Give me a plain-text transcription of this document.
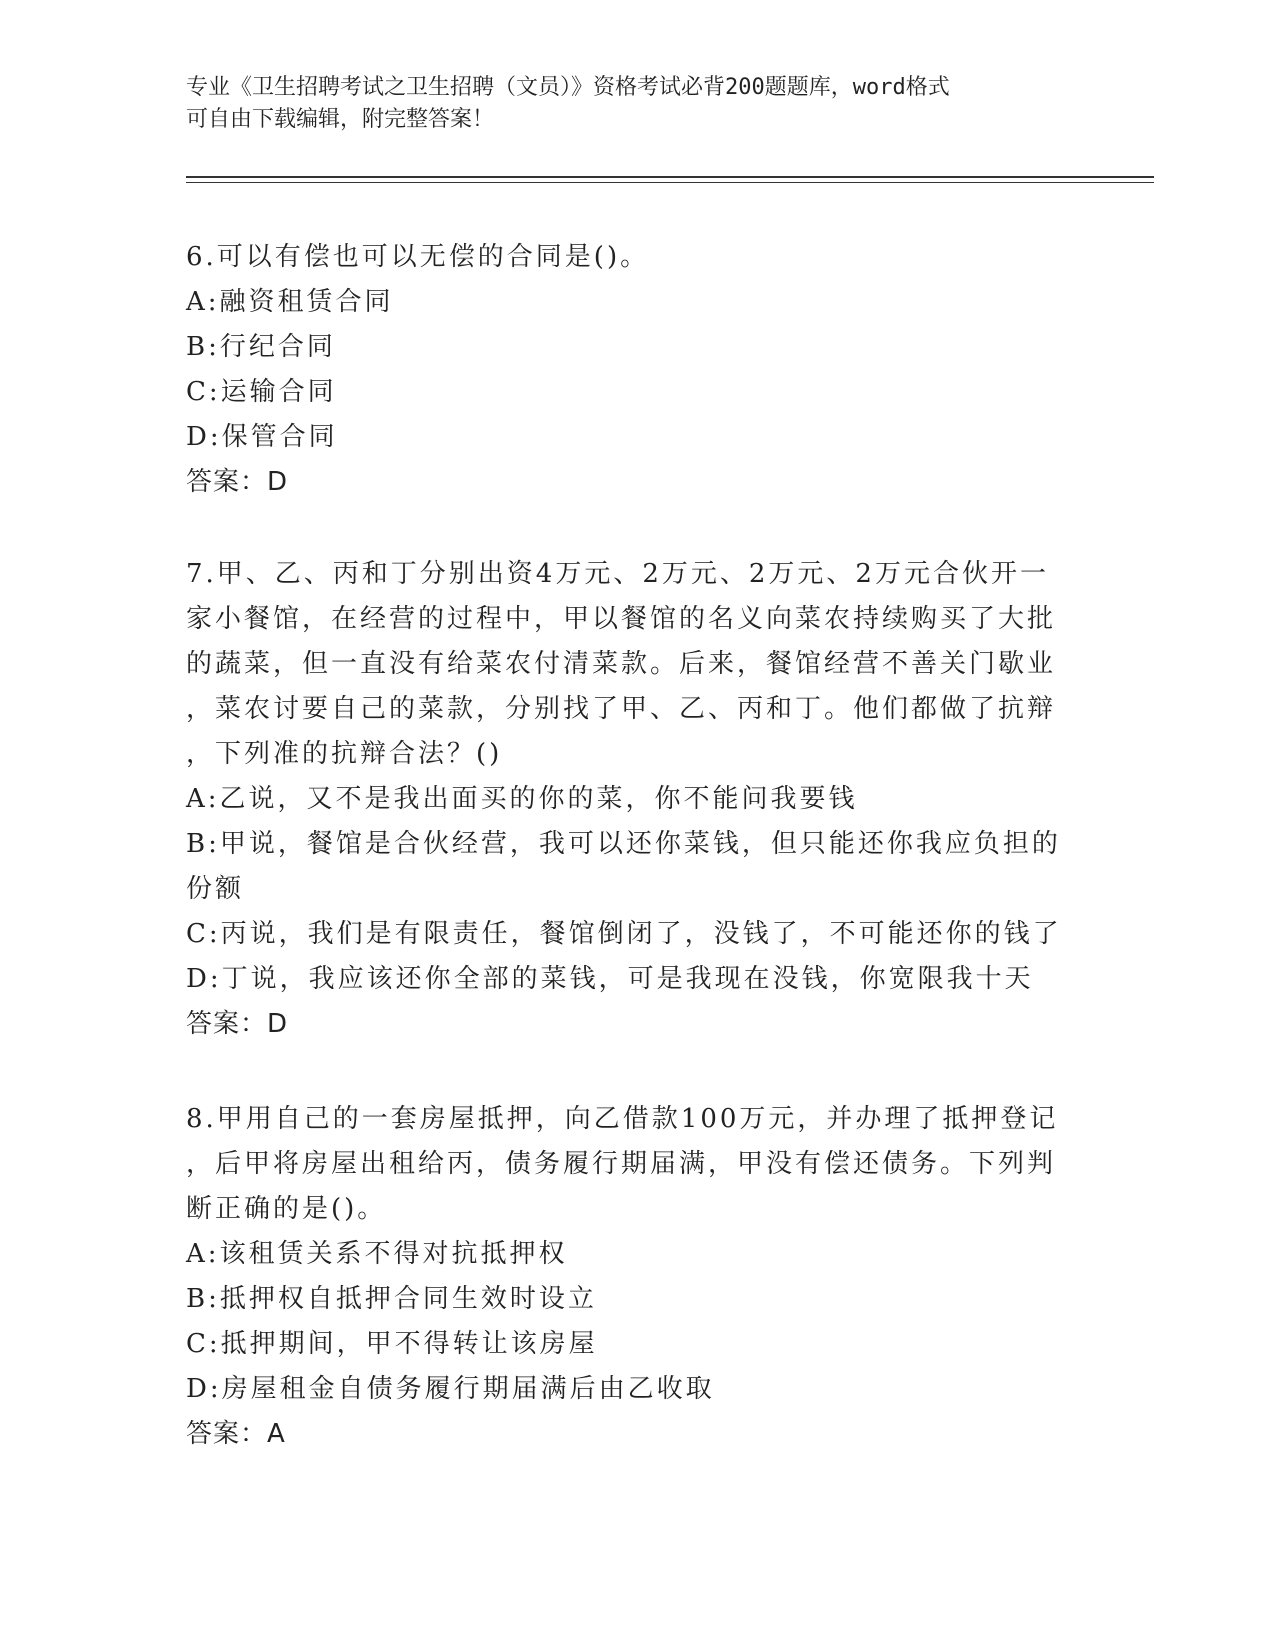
专业《卫生招聘考试之卫生招聘（文员）》资格考试必背200题题库，word格式
可自由下载编辑，附完整答案！

6.可以有偿也可以无偿的合同是()。

A:融资租赁合同

B:行纪合同

C:运输合同

D:保管合同

答案：D

7.甲、乙、丙和丁分别出资4万元、2万元、2万元、2万元合伙开一

家小餐馆，在经营的过程中，甲以餐馆的名义向菜农持续购买了大批

的蔬菜，但一直没有给菜农付清菜款。后来，餐馆经营不善关门歇业

，菜农讨要自己的菜款，分别找了甲、乙、丙和丁。他们都做了抗辩

，下列准的抗辩合法？()

A:乙说，又不是我出面买的你的菜，你不能问我要钱

B:甲说，餐馆是合伙经营，我可以还你菜钱，但只能还你我应负担的

份额

C:丙说，我们是有限责任，餐馆倒闭了，没钱了，不可能还你的钱了

D:丁说，我应该还你全部的菜钱，可是我现在没钱，你宽限我十天

答案：D

8.甲用自己的一套房屋抵押，向乙借款100万元，并办理了抵押登记

，后甲将房屋出租给丙，债务履行期届满，甲没有偿还债务。下列判

断正确的是()。

A:该租赁关系不得对抗抵押权

B:抵押权自抵押合同生效时设立

C:抵押期间，甲不得转让该房屋

D:房屋租金自债务履行期届满后由乙收取

答案：A
